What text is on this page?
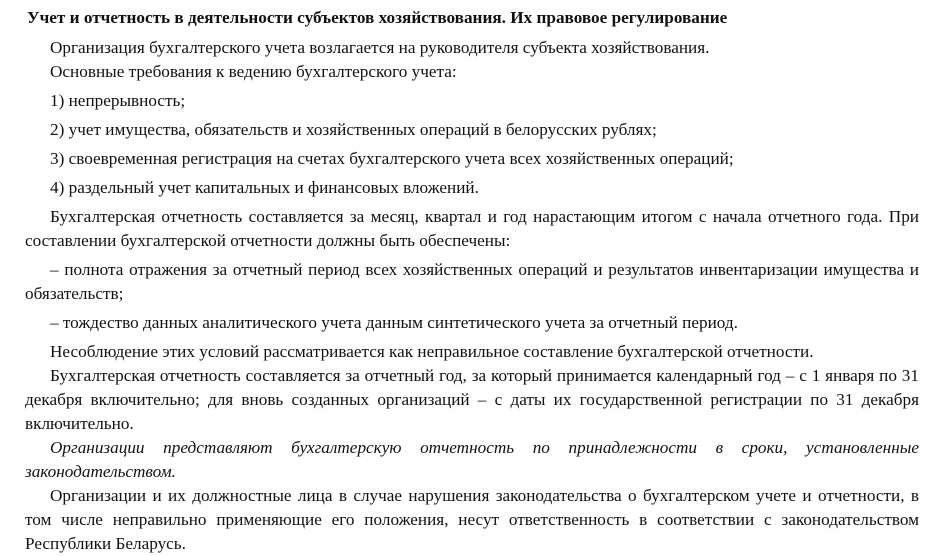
Учет и отчетность в деятельности субъектов хозяйствования. Их правовое регулирование

Организация бухгалтерского учета возлагается на руководителя субъекта хозяйствования.

Основные требования к ведению бухгалтерского учета:

1) непрерывность;

2) учет имущества, обязательств и хозяйственных операций в белорусских рублях;

3) своевременная регистрация на счетах бухгалтерского учета всех хозяйственных операций;

4) раздельный учет капитальных и финансовых вложений.

Бухгалтерская отчетность составляется за месяц, квартал и год нарастающим итогом с начала отчетного года. При составлении бухгалтерской отчетности должны быть обеспечены:

– полнота отражения за отчетный период всех хозяйственных операций и результатов инвентаризации имущества и обязательств;

– тождество данных аналитического учета данным синтетического учета за отчетный период.

Несоблюдение этих условий рассматривается как неправильное составление бухгалтерской отчетности.

Бухгалтерская отчетность составляется за отчетный год, за который принимается календарный год – с 1 января по 31 декабря включительно; для вновь созданных организаций – с даты их государственной регистрации по 31 декабря включительно.

Организации представляют бухгалтерскую отчетность по принадлежности в сроки, установленные законодательством.

Организации и их должностные лица в случае нарушения законодательства о бухгалтерском учете и отчетности, в том числе неправильно применяющие его положения, несут ответственность в соответствии с законодательством Республики Беларусь.
